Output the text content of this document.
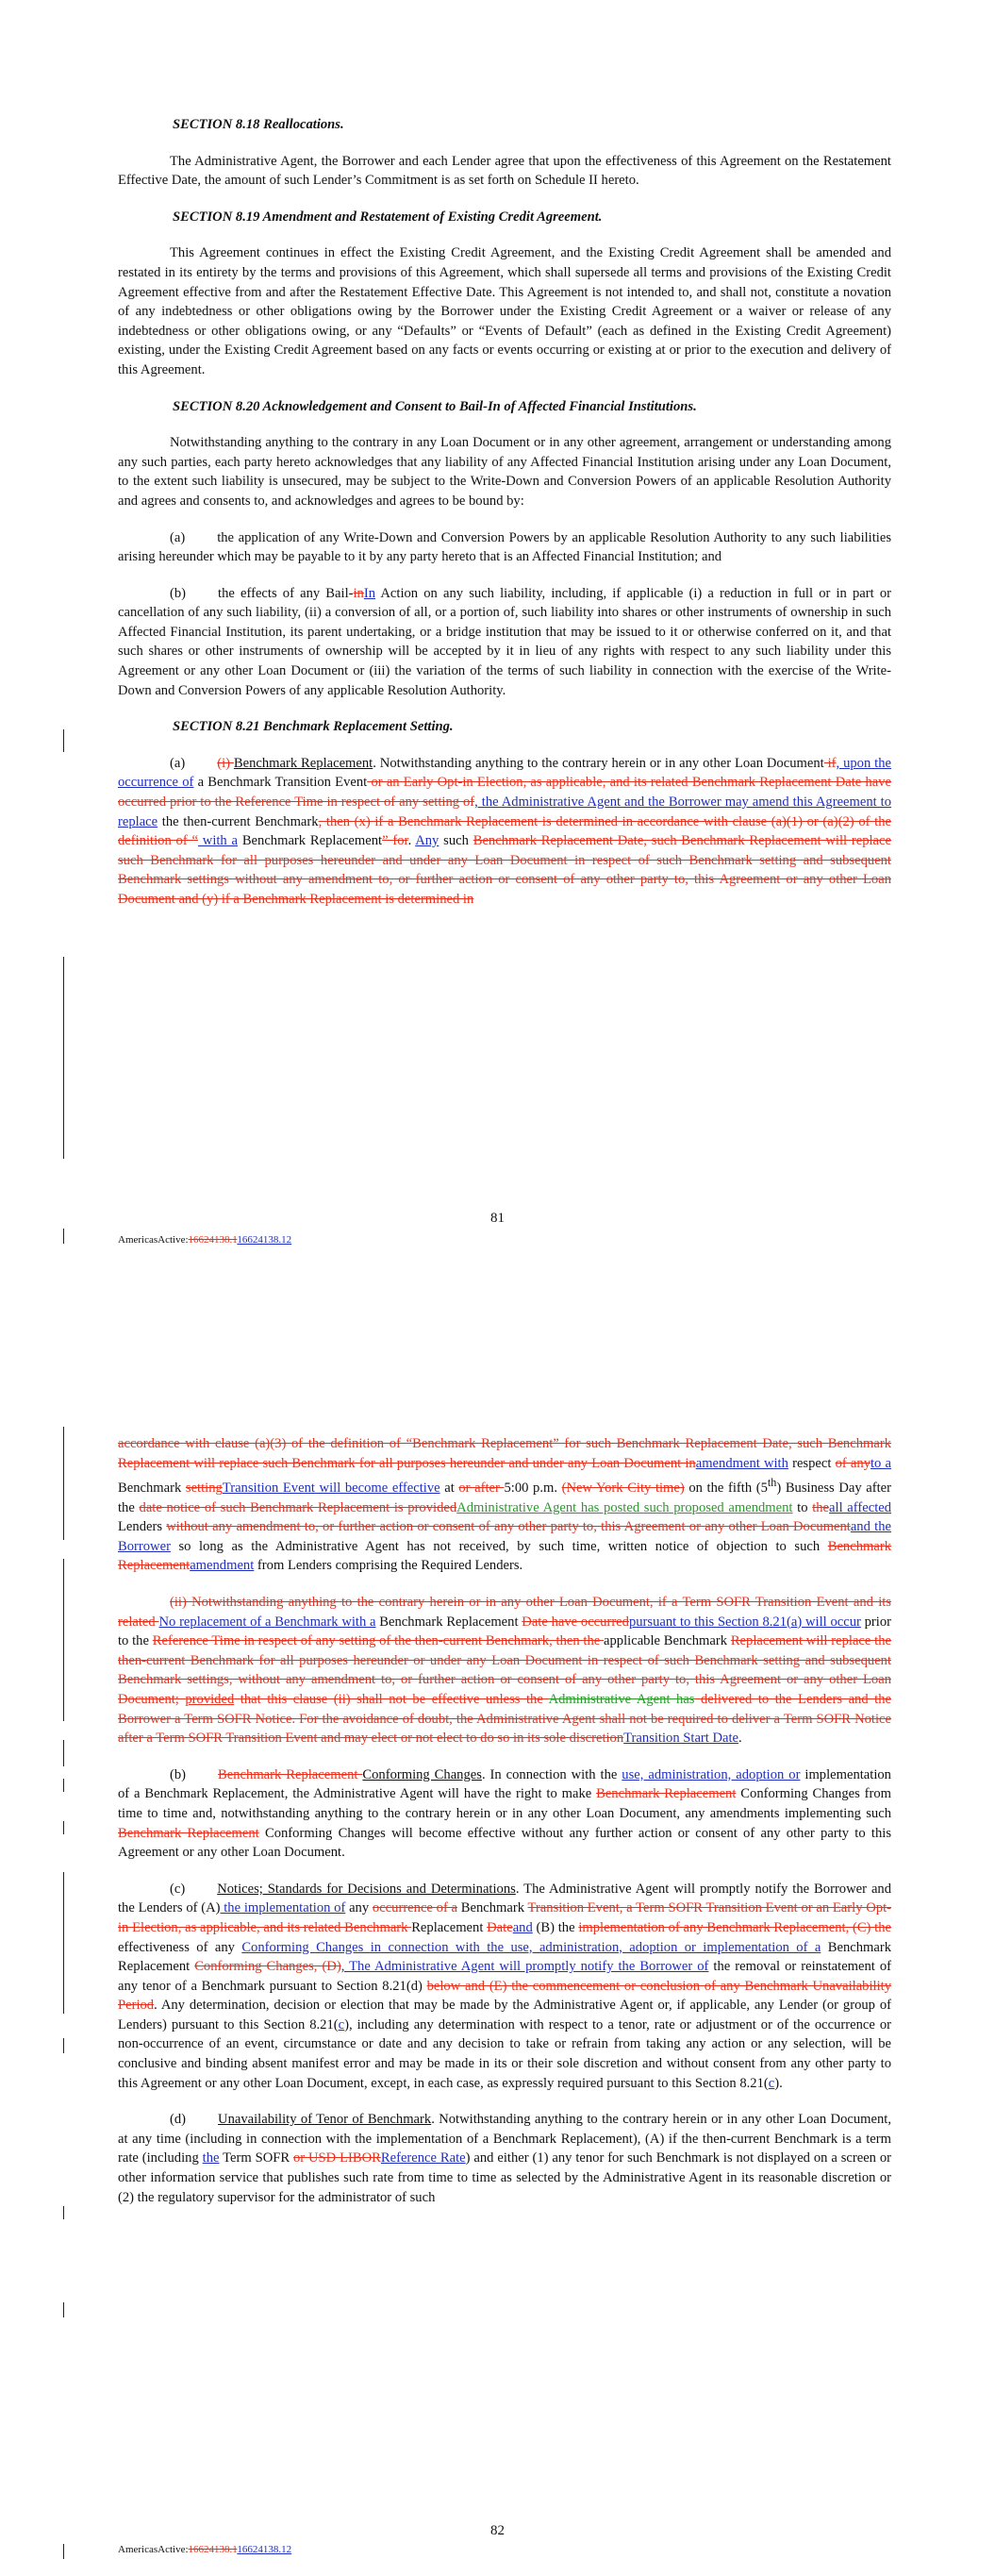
SECTION 8.18 Reallocations.

The Administrative Agent, the Borrower and each Lender agree that upon the effectiveness of this Agreement on the Restatement Effective Date, the amount of such Lender’s Commitment is as set forth on Schedule II hereto.

SECTION 8.19 Amendment and Restatement of Existing Credit Agreement.

This Agreement continues in effect the Existing Credit Agreement, and the Existing Credit Agreement shall be amended and restated in its entirety by the terms and provisions of this Agreement, which shall supersede all terms and provisions of the Existing Credit Agreement effective from and after the Restatement Effective Date. This Agreement is not intended to, and shall not, constitute a novation of any indebtedness or other obligations owing by the Borrower under the Existing Credit Agreement or a waiver or release of any indebtedness or other obligations owing, or any “Defaults” or “Events of Default” (each as defined in the Existing Credit Agreement) existing, under the Existing Credit Agreement based on any facts or events occurring or existing at or prior to the execution and delivery of this Agreement.

SECTION 8.20 Acknowledgement and Consent to Bail-In of Affected Financial Institutions.

Notwithstanding anything to the contrary in any Loan Document or in any other agreement, arrangement or understanding among any such parties, each party hereto acknowledges that any liability of any Affected Financial Institution arising under any Loan Document, to the extent such liability is unsecured, may be subject to the Write-Down and Conversion Powers of an applicable Resolution Authority and agrees and consents to, and acknowledges and agrees to be bound by:

(a) the application of any Write-Down and Conversion Powers by an applicable Resolution Authority to any such liabilities arising hereunder which may be payable to it by any party hereto that is an Affected Financial Institution; and

(b) the effects of any Bail-inIn Action on any such liability, including, if applicable (i) a reduction in full or in part or cancellation of any such liability, (ii) a conversion of all, or a portion of, such liability into shares or other instruments of ownership in such Affected Financial Institution, its parent undertaking, or a bridge institution that may be issued to it or otherwise conferred on it, and that such shares or other instruments of ownership will be accepted by it in lieu of any rights with respect to any such liability under this Agreement or any other Loan Document or (iii) the variation of the terms of such liability in connection with the exercise of the Write-Down and Conversion Powers of any applicable Resolution Authority.

SECTION 8.21 Benchmark Replacement Setting.

(a) (i) Benchmark Replacement. Notwithstanding anything to the contrary herein or in any other Loan Document if, upon the occurrence of a Benchmark Transition Event or an Early Opt-in Election, as applicable, and its related Benchmark Replacement Date have occurred prior to the Reference Time in respect of any setting of, the Administrative Agent and the Borrower may amend this Agreement to replace the then-current Benchmark, then (x) if a Benchmark Replacement is determined in accordance with clause (a)(1) or (a)(2) of the definition of “ with a Benchmark Replacement” for. Any such Benchmark Replacement Date, such Benchmark Replacement will replace such Benchmark for all purposes hereunder and under any Loan Document in respect of such Benchmark setting and subsequent Benchmark settings without any amendment to, or further action or consent of any other party to, this Agreement or any other Loan Document and (y) if a Benchmark Replacement is determined in

81
AmericasActive:16624138.116624138.12

accordance with clause (a)(3) of the definition of “Benchmark Replacement” for such Benchmark Replacement Date, such Benchmark Replacement will replace such Benchmark for all purposes hereunder and under any Loan Document inamendment with respect of anyto a Benchmark settingTransition Event will become effective at or after 5:00 p.m. (New York City time) on the fifth (5th) Business Day after the date notice of such Benchmark Replacement is providedAdministrative Agent has posted such proposed amendment to theall affected Lenders without any amendment to, or further action or consent of any other party to, this Agreement or any other Loan Documentand the Borrower so long as the Administrative Agent has not received, by such time, written notice of objection to such Benchmark Replacementamendment from Lenders comprising the Required Lenders.

(ii) Notwithstanding anything to the contrary herein or in any other Loan Document, if a Term SOFR Transition Event and its related No replacement of a Benchmark with a Benchmark Replacement Date have occurredpursuant to this Section 8.21(a) will occur prior to the Reference Time in respect of any setting of the then-current Benchmark, then the applicable Benchmark Replacement will replace the then-current Benchmark for all purposes hereunder or under any Loan Document in respect of such Benchmark setting and subsequent Benchmark settings, without any amendment to, or further action or consent of any other party to, this Agreement or any other Loan Document; provided that this clause (ii) shall not be effective unless the Administrative Agent has delivered to the Lenders and the Borrower a Term SOFR Notice. For the avoidance of doubt, the Administrative Agent shall not be required to deliver a Term SOFR Notice after a Term SOFR Transition Event and may elect or not elect to do so in its sole discretionTransition Start Date.

(b) Benchmark Replacement Conforming Changes. In connection with the use, administration, adoption or implementation of a Benchmark Replacement, the Administrative Agent will have the right to make Benchmark Replacement Conforming Changes from time to time and, notwithstanding anything to the contrary herein or in any other Loan Document, any amendments implementing such Benchmark Replacement Conforming Changes will become effective without any further action or consent of any other party to this Agreement or any other Loan Document.

(c) Notices; Standards for Decisions and Determinations. The Administrative Agent will promptly notify the Borrower and the Lenders of (A) the implementation of any occurrence of a Benchmark Transition Event, a Term SOFR Transition Event or an Early Opt-in Election, as applicable, and its related Benchmark Replacement Dateand (B) the implementation of any Benchmark Replacement, (C) the effectiveness of any Conforming Changes in connection with the use, administration, adoption or implementation of a Benchmark Replacement Conforming Changes, (D), The Administrative Agent will promptly notify the Borrower of the removal or reinstatement of any tenor of a Benchmark pursuant to Section 8.21(d) below and (E) the commencement or conclusion of any Benchmark Unavailability Period. Any determination, decision or election that may be made by the Administrative Agent or, if applicable, any Lender (or group of Lenders) pursuant to this Section 8.21(c), including any determination with respect to a tenor, rate or adjustment or of the occurrence or non-occurrence of an event, circumstance or date and any decision to take or refrain from taking any action or any selection, will be conclusive and binding absent manifest error and may be made in its or their sole discretion and without consent from any other party to this Agreement or any other Loan Document, except, in each case, as expressly required pursuant to this Section 8.21(c).

(d) Unavailability of Tenor of Benchmark. Notwithstanding anything to the contrary herein or in any other Loan Document, at any time (including in connection with the implementation of a Benchmark Replacement), (A) if the then-current Benchmark is a term rate (including the Term SOFR or USD LIBORReference Rate) and either (1) any tenor for such Benchmark is not displayed on a screen or other information service that publishes such rate from time to time as selected by the Administrative Agent in its reasonable discretion or (2) the regulatory supervisor for the administrator of such

82
AmericasActive:16624138.116624138.12
